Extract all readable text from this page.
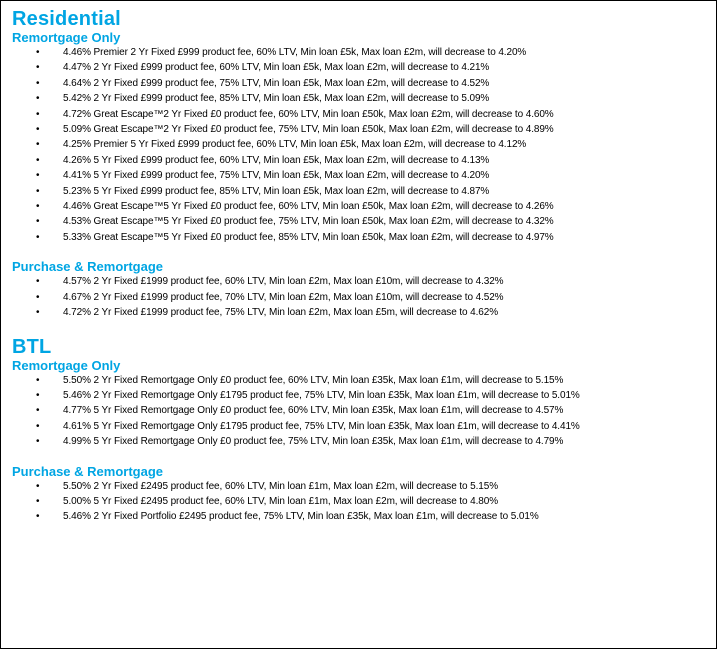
Residential
Remortgage Only
• 4.46% Premier 2 Yr Fixed £999 product fee, 60% LTV, Min loan £5k, Max loan £2m, will decrease to 4.20%
• 4.47% 2 Yr Fixed £999 product fee, 60% LTV, Min loan £5k, Max loan £2m, will decrease to 4.21%
• 4.64% 2 Yr Fixed £999 product fee, 75% LTV, Min loan £5k, Max loan £2m, will decrease to 4.52%
• 5.42% 2 Yr Fixed £999 product fee, 85% LTV, Min loan £5k, Max loan £2m, will decrease to 5.09%
• 4.72% Great Escape™2 Yr Fixed £0 product fee, 60% LTV, Min loan £50k, Max loan £2m, will decrease to 4.60%
• 5.09% Great Escape™2 Yr Fixed £0 product fee, 75% LTV, Min loan £50k, Max loan £2m, will decrease to 4.89%
• 4.25% Premier 5 Yr Fixed £999 product fee, 60% LTV, Min loan £5k, Max loan £2m, will decrease to 4.12%
• 4.26% 5 Yr Fixed £999 product fee, 60% LTV, Min loan £5k, Max loan £2m, will decrease to 4.13%
• 4.41% 5 Yr Fixed £999 product fee, 75% LTV, Min loan £5k, Max loan £2m, will decrease to 4.20%
• 5.23% 5 Yr Fixed £999 product fee, 85% LTV, Min loan £5k, Max loan £2m, will decrease to 4.87%
• 4.46% Great Escape™5 Yr Fixed £0 product fee, 60% LTV, Min loan £50k, Max loan £2m, will decrease to 4.26%
• 4.53% Great Escape™5 Yr Fixed £0 product fee, 75% LTV, Min loan £50k, Max loan £2m, will decrease to 4.32%
• 5.33% Great Escape™5 Yr Fixed £0 product fee, 85% LTV, Min loan £50k, Max loan £2m, will decrease to 4.97%
Purchase & Remortgage
• 4.57% 2 Yr Fixed £1999 product fee, 60% LTV, Min loan £2m, Max loan £10m, will decrease to 4.32%
• 4.67% 2 Yr Fixed £1999 product fee, 70% LTV, Min loan £2m, Max loan £10m, will decrease to 4.52%
• 4.72% 2 Yr Fixed £1999 product fee, 75% LTV, Min loan £2m, Max loan £5m, will decrease to 4.62%
BTL
Remortgage Only
• 5.50% 2 Yr Fixed Remortgage Only £0 product fee, 60% LTV, Min loan £35k, Max loan £1m, will decrease to 5.15%
• 5.46% 2 Yr Fixed Remortgage Only £1795 product fee, 75% LTV, Min loan £35k, Max loan £1m, will decrease to 5.01%
• 4.77% 5 Yr Fixed Remortgage Only £0 product fee, 60% LTV, Min loan £35k, Max loan £1m, will decrease to 4.57%
• 4.61% 5 Yr Fixed Remortgage Only £1795 product fee, 75% LTV, Min loan £35k, Max loan £1m, will decrease to 4.41%
• 4.99% 5 Yr Fixed Remortgage Only £0 product fee, 75% LTV, Min loan £35k, Max loan £1m, will decrease to 4.79%
Purchase & Remortgage
• 5.50% 2 Yr Fixed £2495 product fee, 60% LTV, Min loan £1m, Max loan £2m, will decrease to 5.15%
• 5.00% 5 Yr Fixed £2495 product fee, 60% LTV, Min loan £1m, Max loan £2m, will decrease to 4.80%
• 5.46% 2 Yr Fixed Portfolio £2495 product fee, 75% LTV, Min loan £35k, Max loan £1m, will decrease to 5.01%
